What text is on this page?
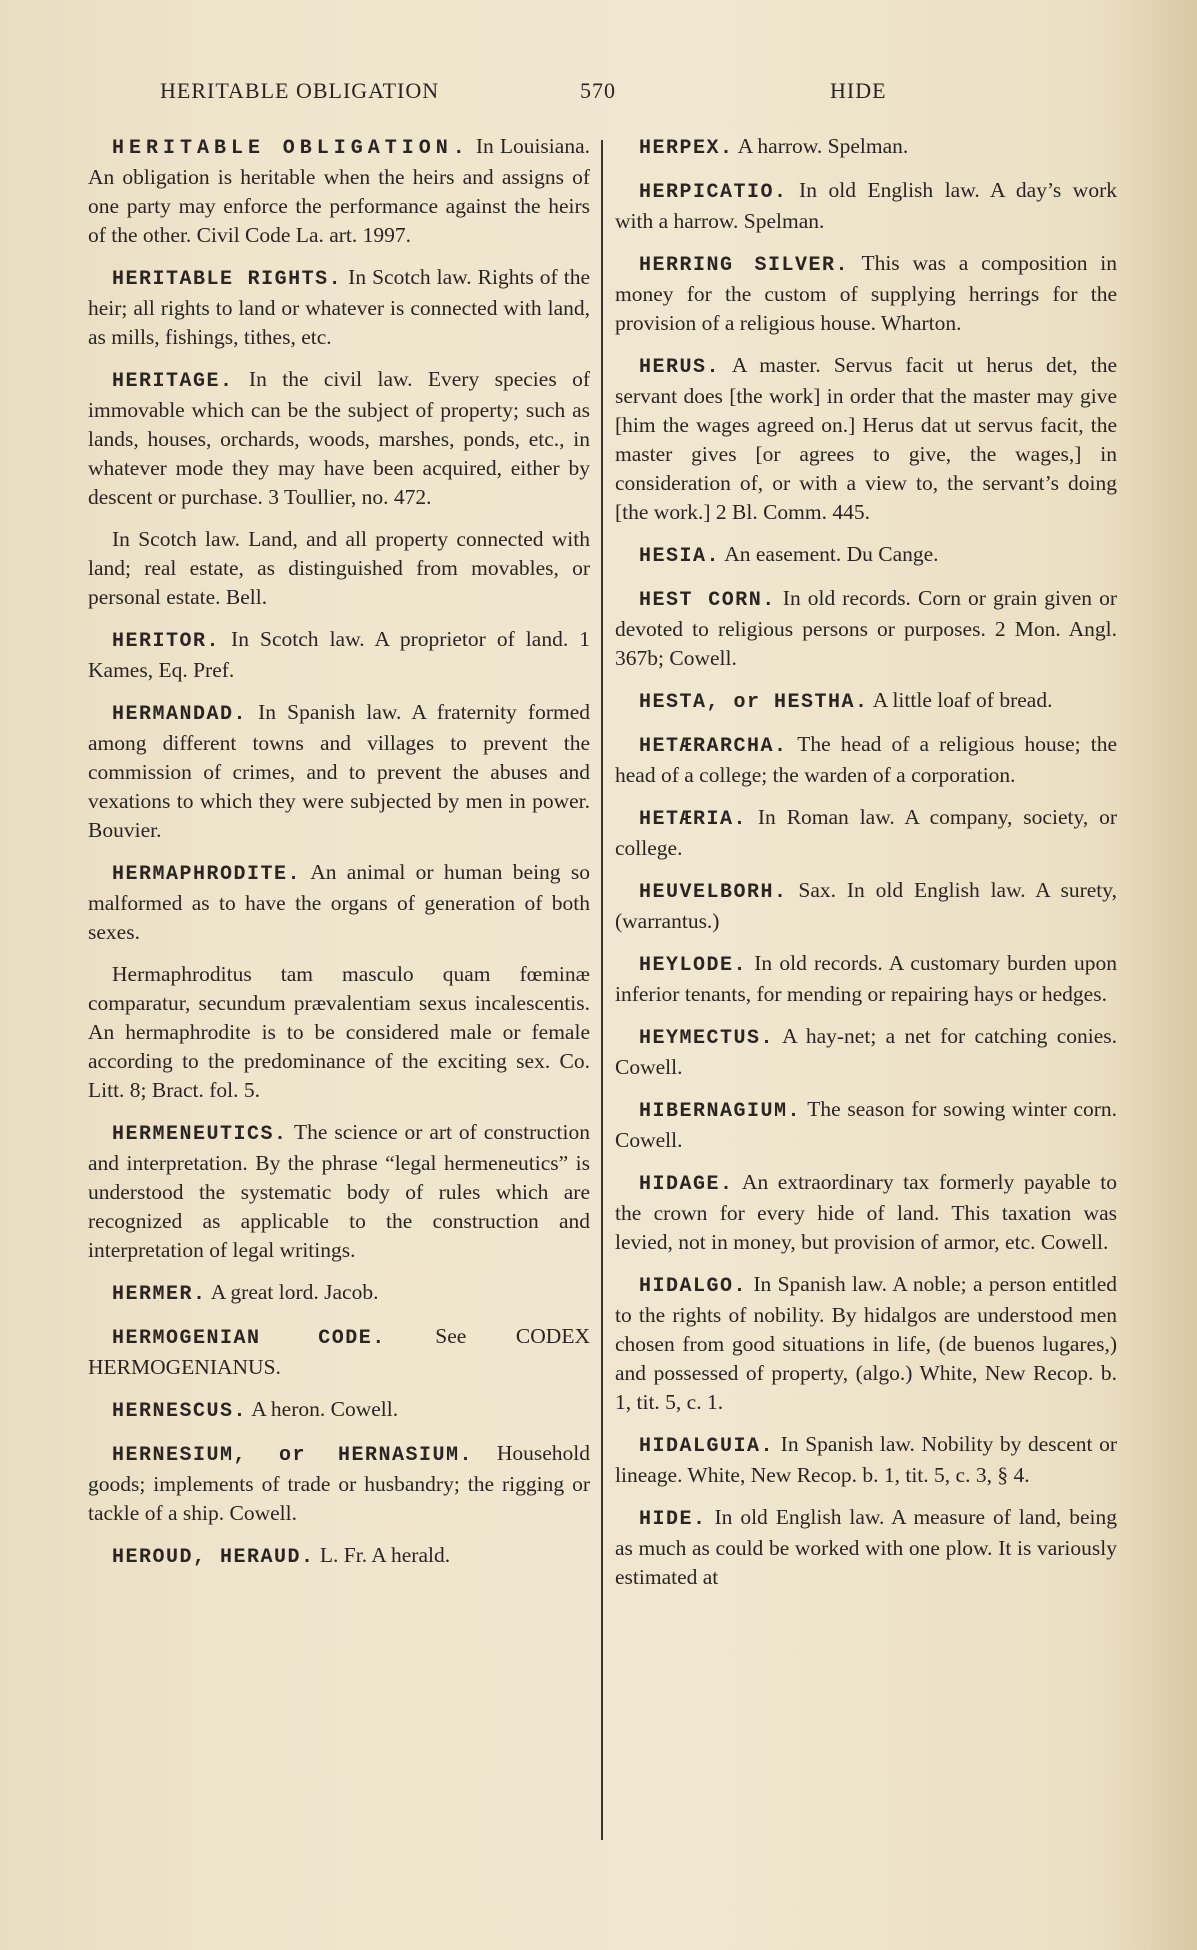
HERITABLE OBLIGATION	570	HIDE

HERITABLE OBLIGATION. In Louisiana. An obligation is heritable when the heirs and assigns of one party may enforce the performance against the heirs of the other. Civil Code La. art. 1997.

HERITABLE RIGHTS. In Scotch law. Rights of the heir; all rights to land or whatever is connected with land, as mills, fishings, tithes, etc.

HERITAGE. In the civil law. Every species of immovable which can be the subject of property; such as lands, houses, orchards, woods, marshes, ponds, etc., in whatever mode they may have been acquired, either by descent or purchase. 3 Toullier, no. 472.

In Scotch law. Land, and all property connected with land; real estate, as distinguished from movables, or personal estate. Bell.

HERITOR. In Scotch law. A proprietor of land. 1 Kames, Eq. Pref.

HERMANDAD. In Spanish law. A fraternity formed among different towns and villages to prevent the commission of crimes, and to prevent the abuses and vexations to which they were subjected by men in power. Bouvier.

HERMAPHRODITE. An animal or human being so malformed as to have the organs of generation of both sexes.

Hermaphroditus tam masculo quam fœminæ comparatur, secundum prævalentiam sexus incalescentis. An hermaphrodite is to be considered male or female according to the predominance of the exciting sex. Co. Litt. 8; Bract. fol. 5.

HERMENEUTICS. The science or art of construction and interpretation. By the phrase “legal hermeneutics” is understood the systematic body of rules which are recognized as applicable to the construction and interpretation of legal writings.

HERMER. A great lord. Jacob.

HERMOGENIAN CODE. See CODEX HERMOGENIANUS.

HERNESCUS. A heron. Cowell.

HERNESIUM, or HERNASIUM. Household goods; implements of trade or husbandry; the rigging or tackle of a ship. Cowell.

HEROUD, HERAUD. L. Fr. A herald.

HERPEX. A harrow. Spelman.

HERPICATIO. In old English law. A day’s work with a harrow. Spelman.

HERRING SILVER. This was a composition in money for the custom of supplying herrings for the provision of a religious house. Wharton.

HERUS. A master. Servus facit ut herus det, the servant does [the work] in order that the master may give [him the wages agreed on.] Herus dat ut servus facit, the master gives [or agrees to give, the wages,] in consideration of, or with a view to, the servant’s doing [the work.] 2 Bl. Comm. 445.

HESIA. An easement. Du Cange.

HEST CORN. In old records. Corn or grain given or devoted to religious persons or purposes. 2 Mon. Angl. 367b; Cowell.

HESTA, or HESTHA. A little loaf of bread.

HETÆRARCHA. The head of a religious house; the head of a college; the warden of a corporation.

HETÆRIA. In Roman law. A company, society, or college.

HEUVELBORH. Sax. In old English law. A surety, (warrantus.)

HEYLODE. In old records. A customary burden upon inferior tenants, for mending or repairing hays or hedges.

HEYMECTUS. A hay-net; a net for catching conies. Cowell.

HIBERNAGIUM. The season for sowing winter corn. Cowell.

HIDAGE. An extraordinary tax formerly payable to the crown for every hide of land. This taxation was levied, not in money, but provision of armor, etc. Cowell.

HIDALGO. In Spanish law. A noble; a person entitled to the rights of nobility. By hidalgos are understood men chosen from good situations in life, (de buenos lugares,) and possessed of property, (algo.) White, New Recop. b. 1, tit. 5, c. 1.

HIDALGUIA. In Spanish law. Nobility by descent or lineage. White, New Recop. b. 1, tit. 5, c. 3, § 4.

HIDE. In old English law. A measure of land, being as much as could be worked with one plow. It is variously estimated at
